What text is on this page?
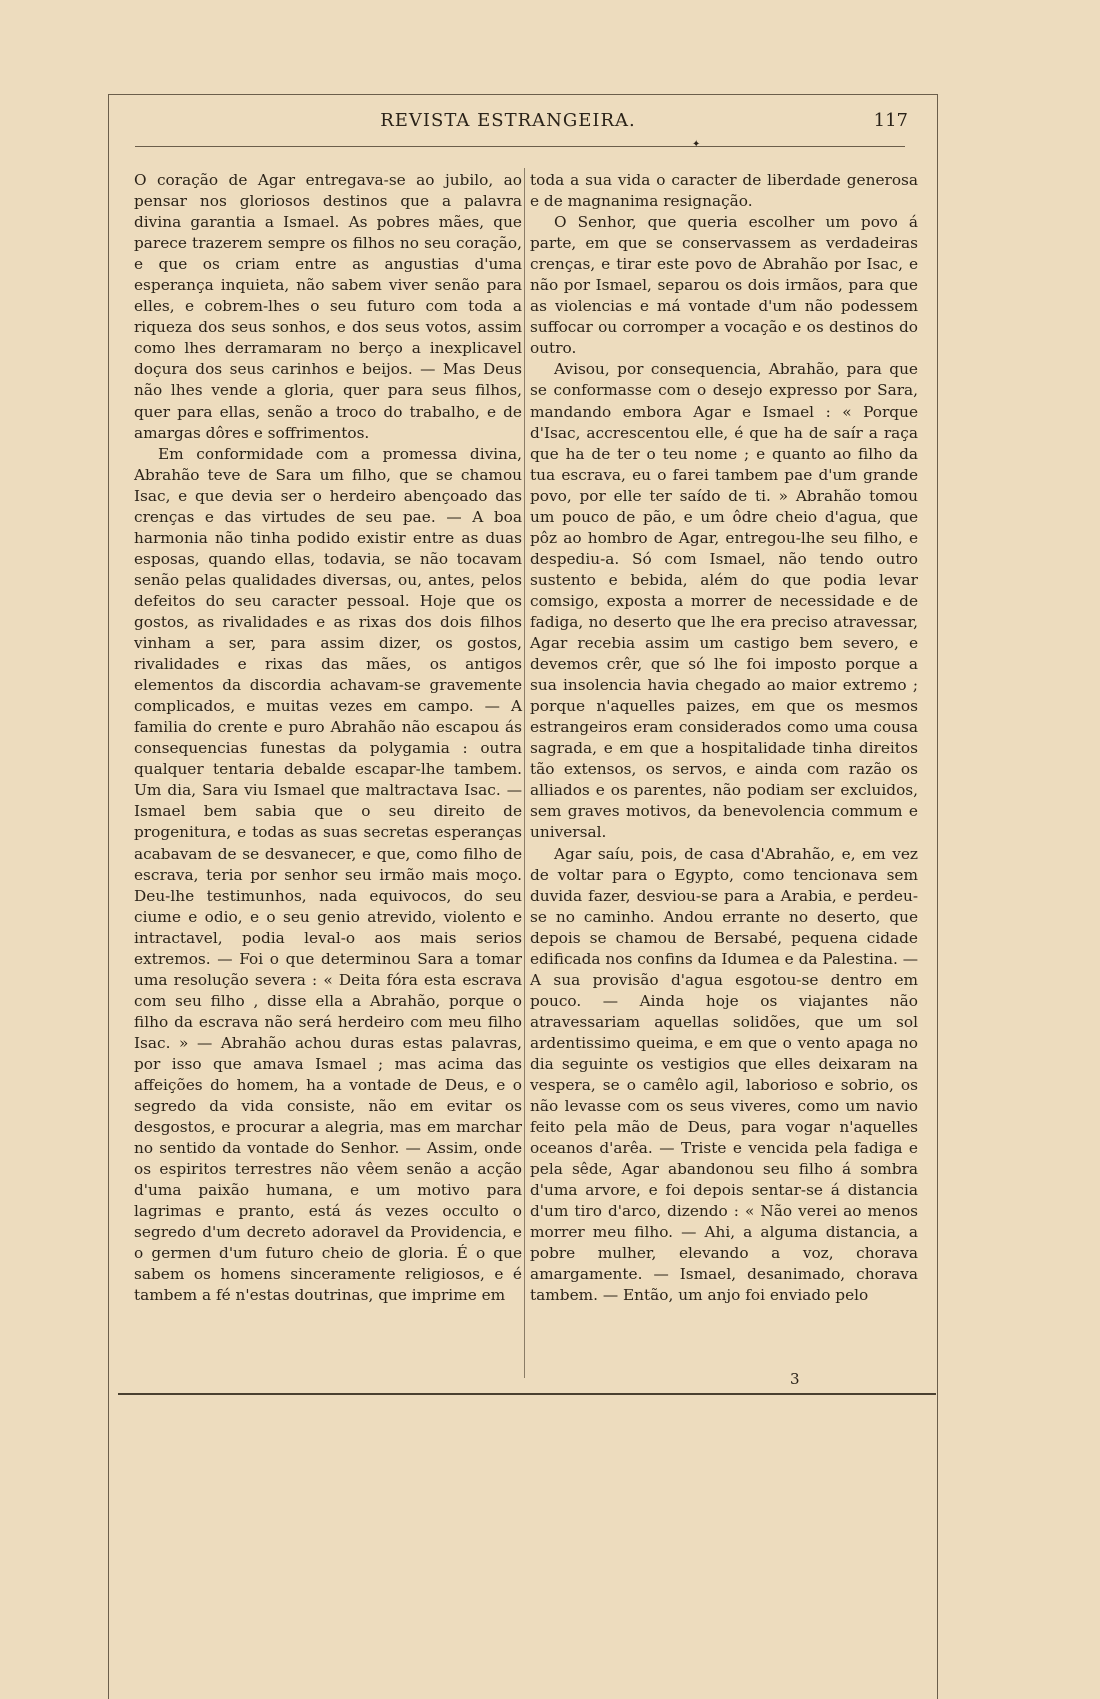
REVISTA ESTRANGEIRA.	117
✦

O coração de Agar entregava-se ao jubilo, ao pensar nos gloriosos destinos que a palavra divina garantia a Ismael. As pobres mães, que parece trazerem sempre os filhos no seu coração, e que os criam entre as angustias d'uma esperança inquieta, não sabem viver senão para elles, e cobrem-lhes o seu futuro com toda a riqueza dos seus sonhos, e dos seus votos, assim como lhes derramaram no berço a inexplicavel doçura dos seus carinhos e beijos. — Mas Deus não lhes vende a gloria, quer para seus filhos, quer para ellas, senão a troco do trabalho, e de amargas dôres e soffrimentos.

Em conformidade com a promessa divina, Abrahão teve de Sara um filho, que se chamou Isac, e que devia ser o herdeiro abençoado das crenças e das virtudes de seu pae. — A boa harmonia não tinha podido existir entre as duas esposas, quando ellas, todavia, se não tocavam senão pelas qualidades diversas, ou, antes, pelos defeitos do seu caracter pessoal. Hoje que os gostos, as rivalidades e as rixas dos dois filhos vinham a ser, para assim dizer, os gostos, rivalidades e rixas das mães, os antigos elementos da discordia achavam-se gravemente complicados, e muitas vezes em campo. — A familia do crente e puro Abrahão não escapou ás consequencias funestas da polygamia : outra qualquer tentaria debalde escapar-lhe tambem. Um dia, Sara viu Ismael que maltractava Isac. — Ismael bem sabia que o seu direito de progenitura, e todas as suas secretas esperanças acabavam de se desvanecer, e que, como filho de escrava, teria por senhor seu irmão mais moço. Deu-lhe testimunhos, nada equivocos, do seu ciume e odio, e o seu genio atrevido, violento e intractavel, podia leval-o aos mais serios extremos. — Foi o que determinou Sara a tomar uma resolução severa : « Deita fóra esta escrava com seu filho , disse ella a Abrahão, porque o filho da escrava não será herdeiro com meu filho Isac. » — Abrahão achou duras estas palavras, por isso que amava Ismael ; mas acima das affeições do homem, ha a vontade de Deus, e o segredo da vida consiste, não em evitar os desgostos, e procurar a alegria, mas em marchar no sentido da vontade do Senhor. — Assim, onde os espiritos terrestres não vêem senão a acção d'uma paixão humana, e um motivo para lagrimas e pranto, está ás vezes occulto o segredo d'um decreto adoravel da Providencia, e o germen d'um futuro cheio de gloria. É o que sabem os homens sinceramente religiosos, e é tambem a fé n'estas doutrinas, que imprime em

toda a sua vida o caracter de liberdade generosa e de magnanima resignação.

O Senhor, que queria escolher um povo á parte, em que se conservassem as verdadeiras crenças, e tirar este povo de Abrahão por Isac, e não por Ismael, separou os dois irmãos, para que as violencias e má vontade d'um não podessem suffocar ou corromper a vocação e os destinos do outro.

Avisou, por consequencia, Abrahão, para que se conformasse com o desejo expresso por Sara, mandando embora Agar e Ismael : « Porque d'Isac, accrescentou elle, é que ha de saír a raça que ha de ter o teu nome ; e quanto ao filho da tua escrava, eu o farei tambem pae d'um grande povo, por elle ter saído de ti. » Abrahão tomou um pouco de pão, e um ôdre cheio d'agua, que pôz ao hombro de Agar, entregou-lhe seu filho, e despediu-a. Só com Ismael, não tendo outro sustento e bebida, além do que podia levar comsigo, exposta a morrer de necessidade e de fadiga, no deserto que lhe era preciso atravessar, Agar recebia assim um castigo bem severo, e devemos crêr, que só lhe foi imposto porque a sua insolencia havia chegado ao maior extremo ; porque n'aquelles paizes, em que os mesmos estrangeiros eram considerados como uma cousa sagrada, e em que a hospitalidade tinha direitos tão extensos, os servos, e ainda com razão os alliados e os parentes, não podiam ser excluidos, sem graves motivos, da benevolencia commum e universal.

Agar saíu, pois, de casa d'Abrahão, e, em vez de voltar para o Egypto, como tencionava sem duvida fazer, desviou-se para a Arabia, e perdeu-se no caminho. Andou errante no deserto, que depois se chamou de Bersabé, pequena cidade edificada nos confins da Idumea e da Palestina. — A sua provisão d'agua esgotou-se dentro em pouco. — Ainda hoje os viajantes não atravessariam aquellas solidões, que um sol ardentissimo queima, e em que o vento apaga no dia seguinte os vestigios que elles deixaram na vespera, se o camêlo agil, laborioso e sobrio, os não levasse com os seus viveres, como um navio feito pela mão de Deus, para vogar n'aquelles oceanos d'arêa. — Triste e vencida pela fadiga e pela sêde, Agar abandonou seu filho á sombra d'uma arvore, e foi depois sentar-se á distancia d'um tiro d'arco, dizendo : « Não verei ao menos morrer meu filho. — Ahi, a alguma distancia, a pobre mulher, elevando a voz, chorava amargamente. — Ismael, desanimado, chorava tambem. — Então, um anjo foi enviado pelo

3
